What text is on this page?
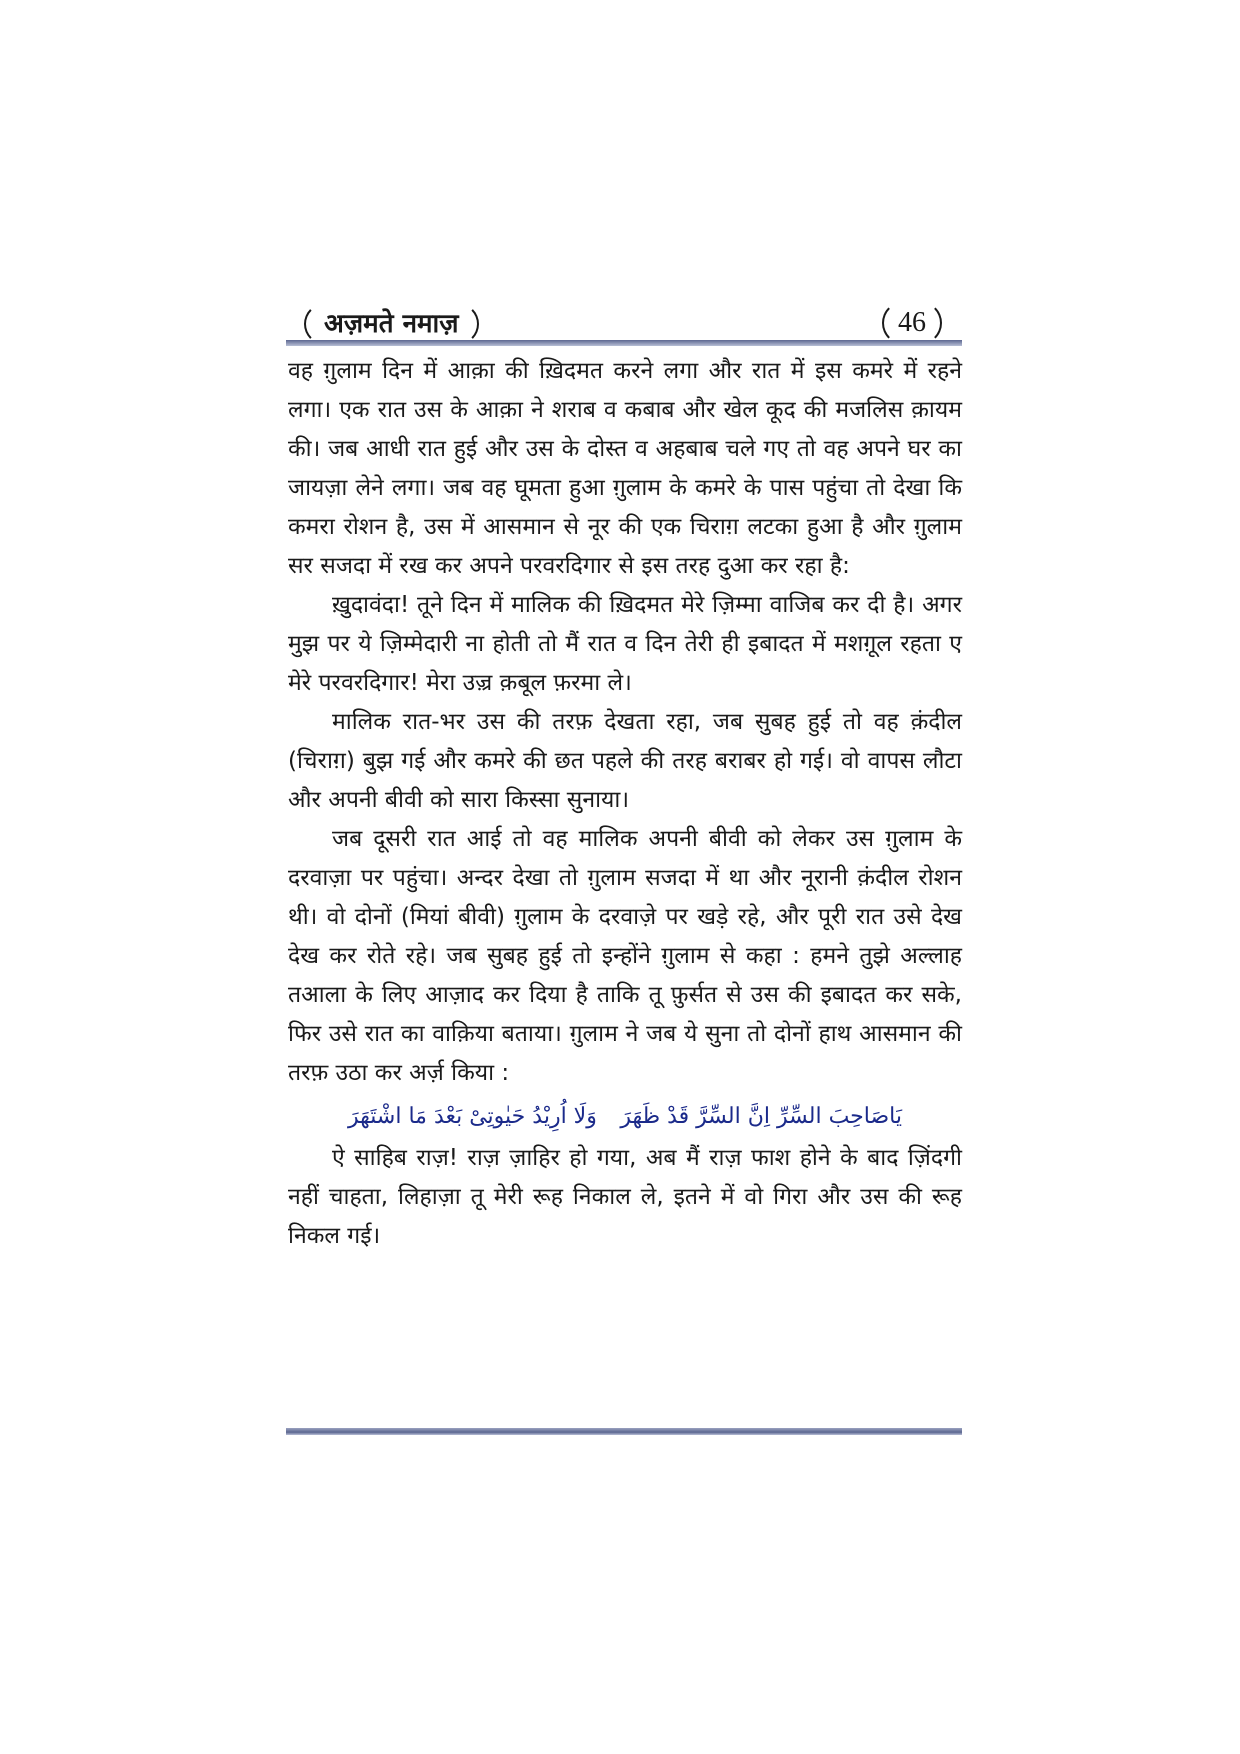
अज़मते नमाज़	46

वह ग़ुलाम दिन में आक़ा की ख़िदमत करने लगा और रात में इस कमरे में रहने लगा। एक रात उस के आक़ा ने शराब व कबाब और खेल कूद की मजलिस क़ायम की। जब आधी रात हुई और उस के दोस्त व अहबाब चले गए तो वह अपने घर का जायज़ा लेने लगा। जब वह घूमता हुआ ग़ुलाम के कमरे के पास पहुंचा तो देखा कि कमरा रोशन है, उस में आसमान से नूर की एक चिराग़ लटका हुआ है और ग़ुलाम सर सजदा में रख कर अपने परवरदिगार से इस तरह दुआ कर रहा है:

ख़ुदावंदा! तूने दिन में मालिक की ख़िदमत मेरे ज़िम्मा वाजिब कर दी है। अगर मुझ पर ये ज़िम्मेदारी ना होती तो मैं रात व दिन तेरी ही इबादत में मशग़ूल रहता ए मेरे परवरदिगार! मेरा उज़्र क़बूल फ़रमा ले।

मालिक रात-भर उस की तरफ़ देखता रहा, जब सुबह हुई तो वह क़ंदील (चिराग़) बुझ गई और कमरे की छत पहले की तरह बराबर हो गई। वो वापस लौटा और अपनी बीवी को सारा किस्सा सुनाया।

जब दूसरी रात आई तो वह मालिक अपनी बीवी को लेकर उस ग़ुलाम के दरवाज़ा पर पहुंचा। अन्दर देखा तो ग़ुलाम सजदा में था और नूरानी क़ंदील रोशन थी। वो दोनों (मियां बीवी) ग़ुलाम के दरवाज़े पर खड़े रहे, और पूरी रात उसे देख देख कर रोते रहे। जब सुबह हुई तो इन्होंने ग़ुलाम से कहा : हमने तुझे अल्लाह तआला के लिए आज़ाद कर दिया है ताकि तू फ़ुर्सत से उस की इबादत कर सके, फिर उसे रात का वाक़िया बताया। ग़ुलाम ने जब ये सुना तो दोनों हाथ आसमान की तरफ़ उठा कर अर्ज़ किया :

يَاصَاحِبَ السِّرِّ اِنَّ السِّرَّ قَدْ ظَهَرَ
وَلَا اُرِيْدُ حَيٰوتِىْ بَعْدَ مَا اشْتَهَرَ

ऐ साहिब राज़! राज़ ज़ाहिर हो गया, अब मैं राज़ फाश होने के बाद ज़िंदगी नहीं चाहता, लिहाज़ा तू मेरी रूह निकाल ले, इतने में वो गिरा और उस की रूह निकल गई।
